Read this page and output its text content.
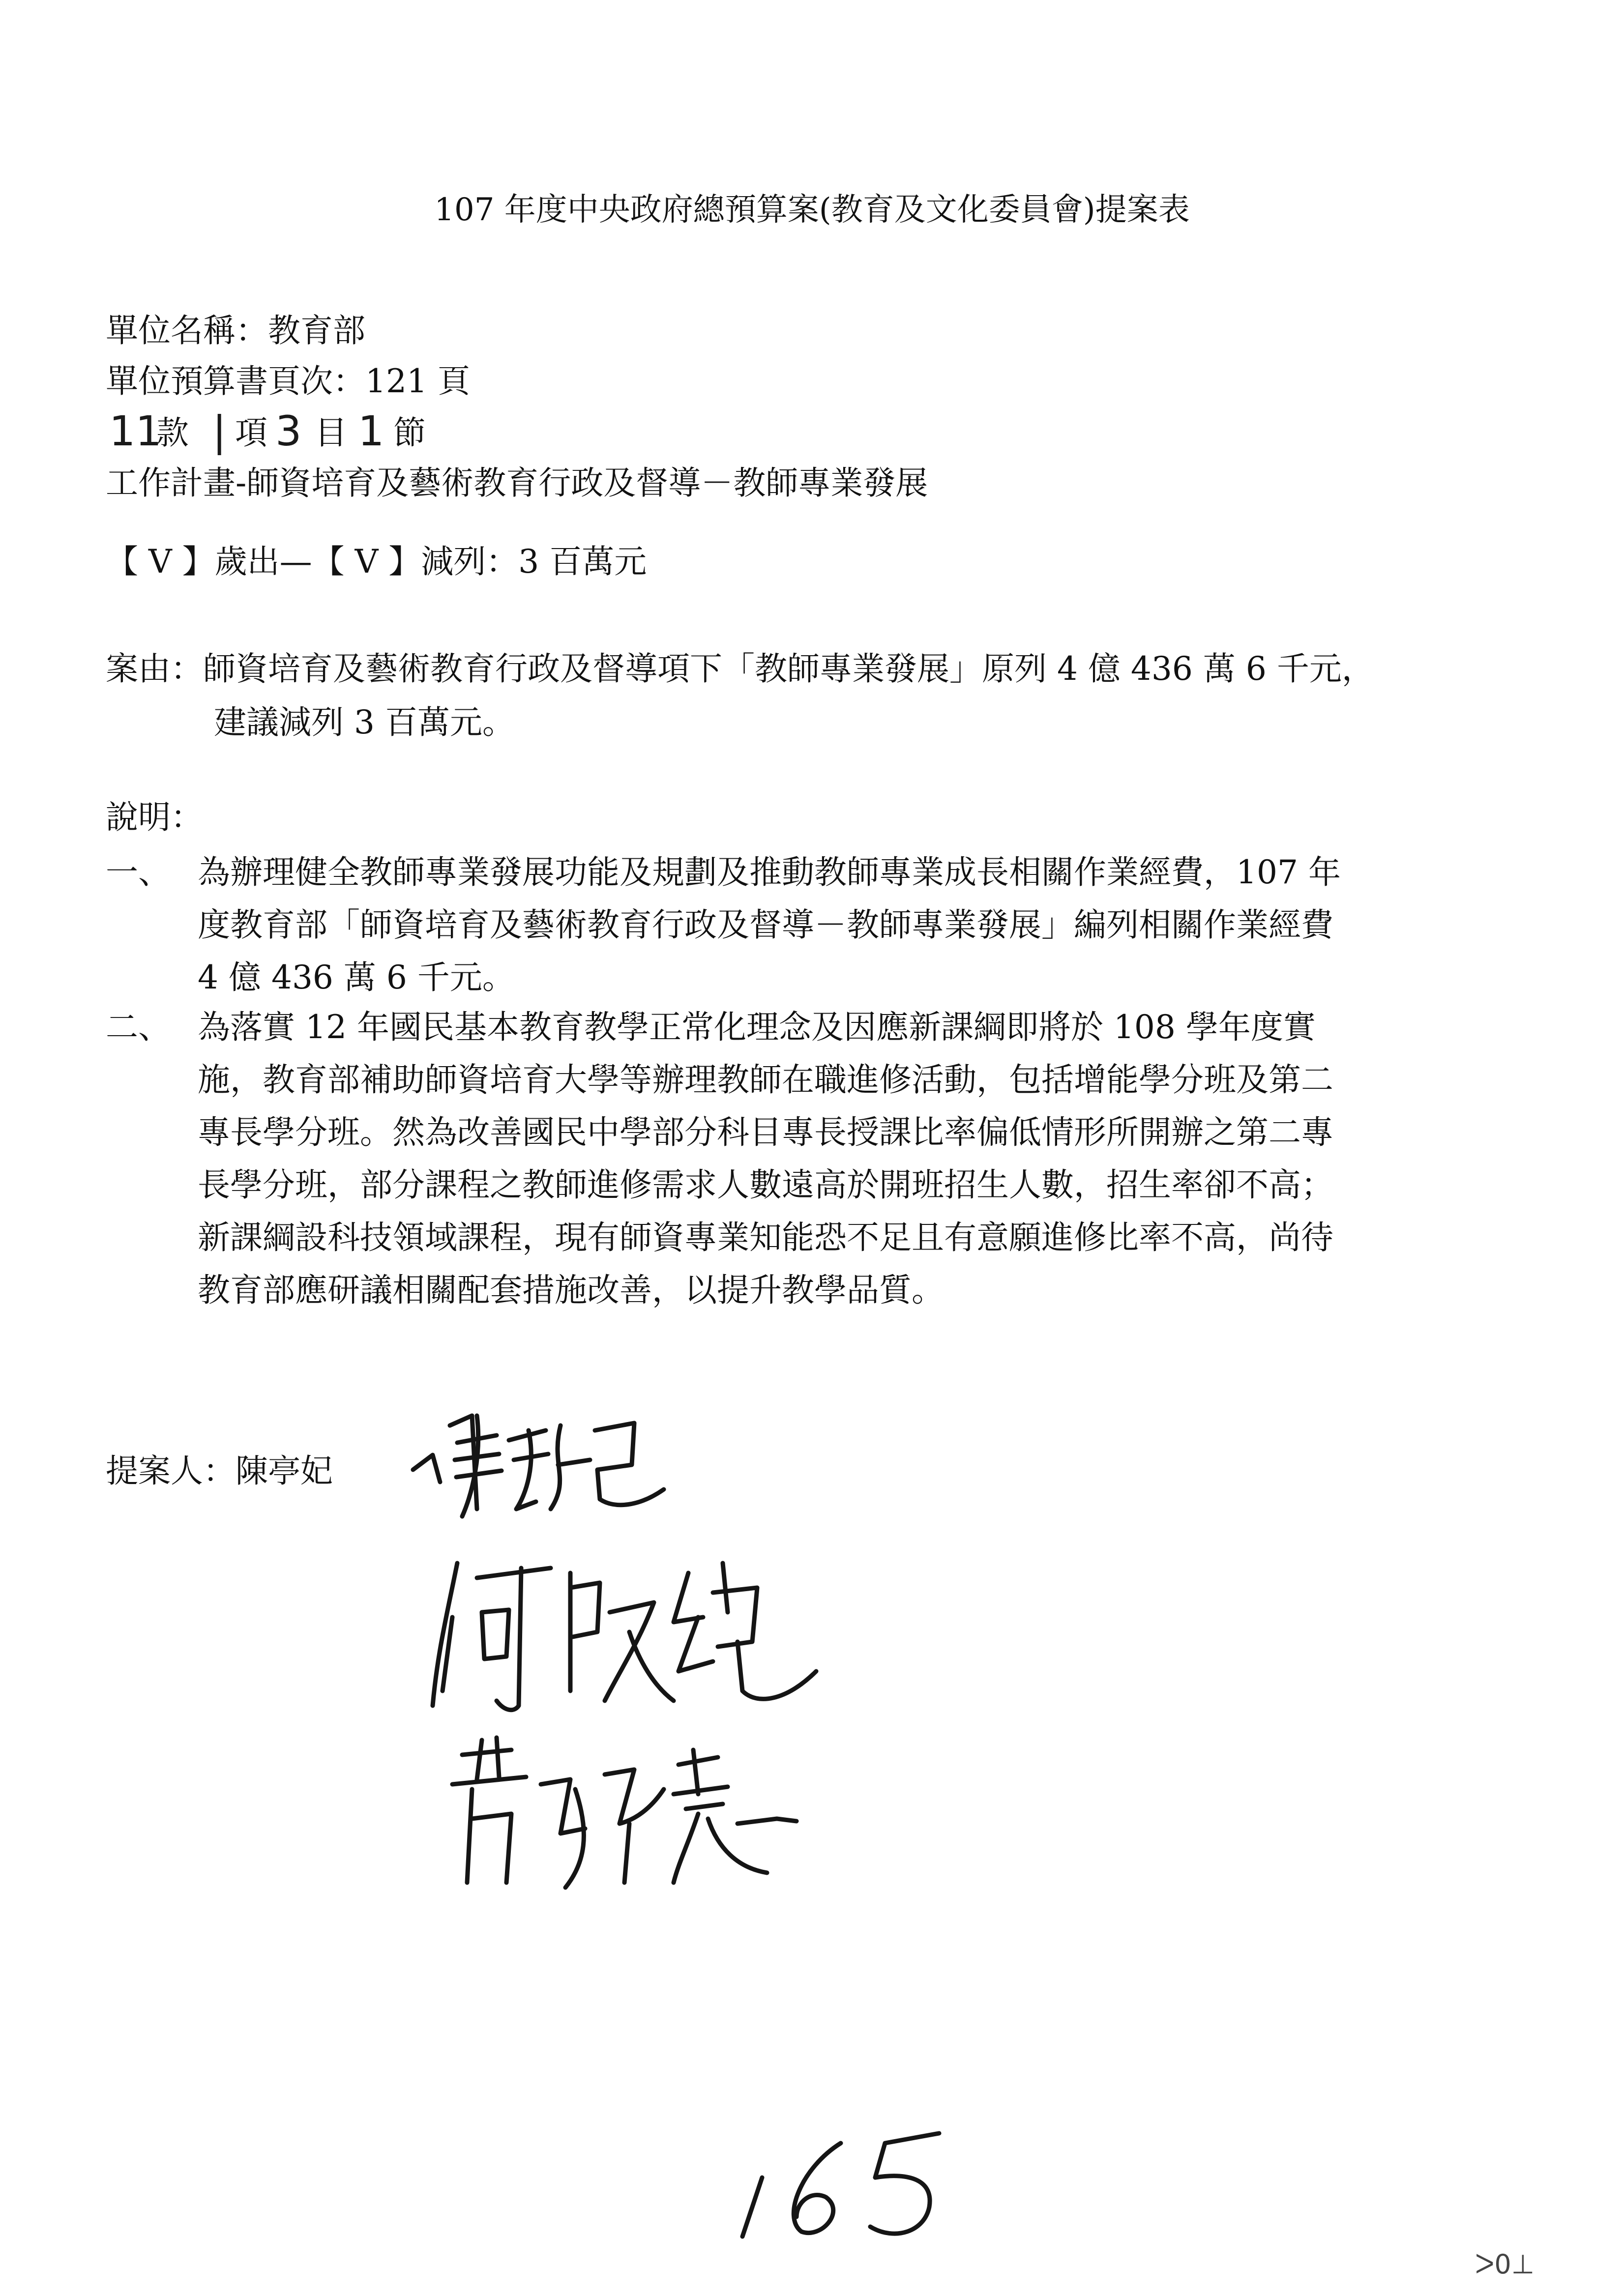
107 年度中央政府總預算案(教育及文化委員會)提案表
單位名稱：教育部
單位預算書頁次：121 頁
11
款 | 項 3 目 1 節
工作計畫-師資培育及藝術教育行政及督導－教師專業發展
【 V 】歲出—【 V 】減列：3 百萬元
案由：師資培育及藝術教育行政及督導項下「教師專業發展」原列 4 億 436 萬 6 千元，
建議減列 3 百萬元。
說明：
一、 為辦理健全教師專業發展功能及規劃及推動教師專業成長相關作業經費，107 年
度教育部「師資培育及藝術教育行政及督導－教師專業發展」編列相關作業經費
4 億 436 萬 6 千元。
二、 為落實 12 年國民基本教育教學正常化理念及因應新課綱即將於 108 學年度實
施，教育部補助師資培育大學等辦理教師在職進修活動，包括增能學分班及第二
專長學分班。然為改善國民中學部分科目專長授課比率偏低情形所開辦之第二專
長學分班，部分課程之教師進修需求人數遠高於開班招生人數，招生率卻不高；
新課綱設科技領域課程，現有師資專業知能恐不足且有意願進修比率不高，尚待
教育部應研議相關配套措施改善，以提升教學品質。
提案人：陳亭妃
ᐳ0⊥
